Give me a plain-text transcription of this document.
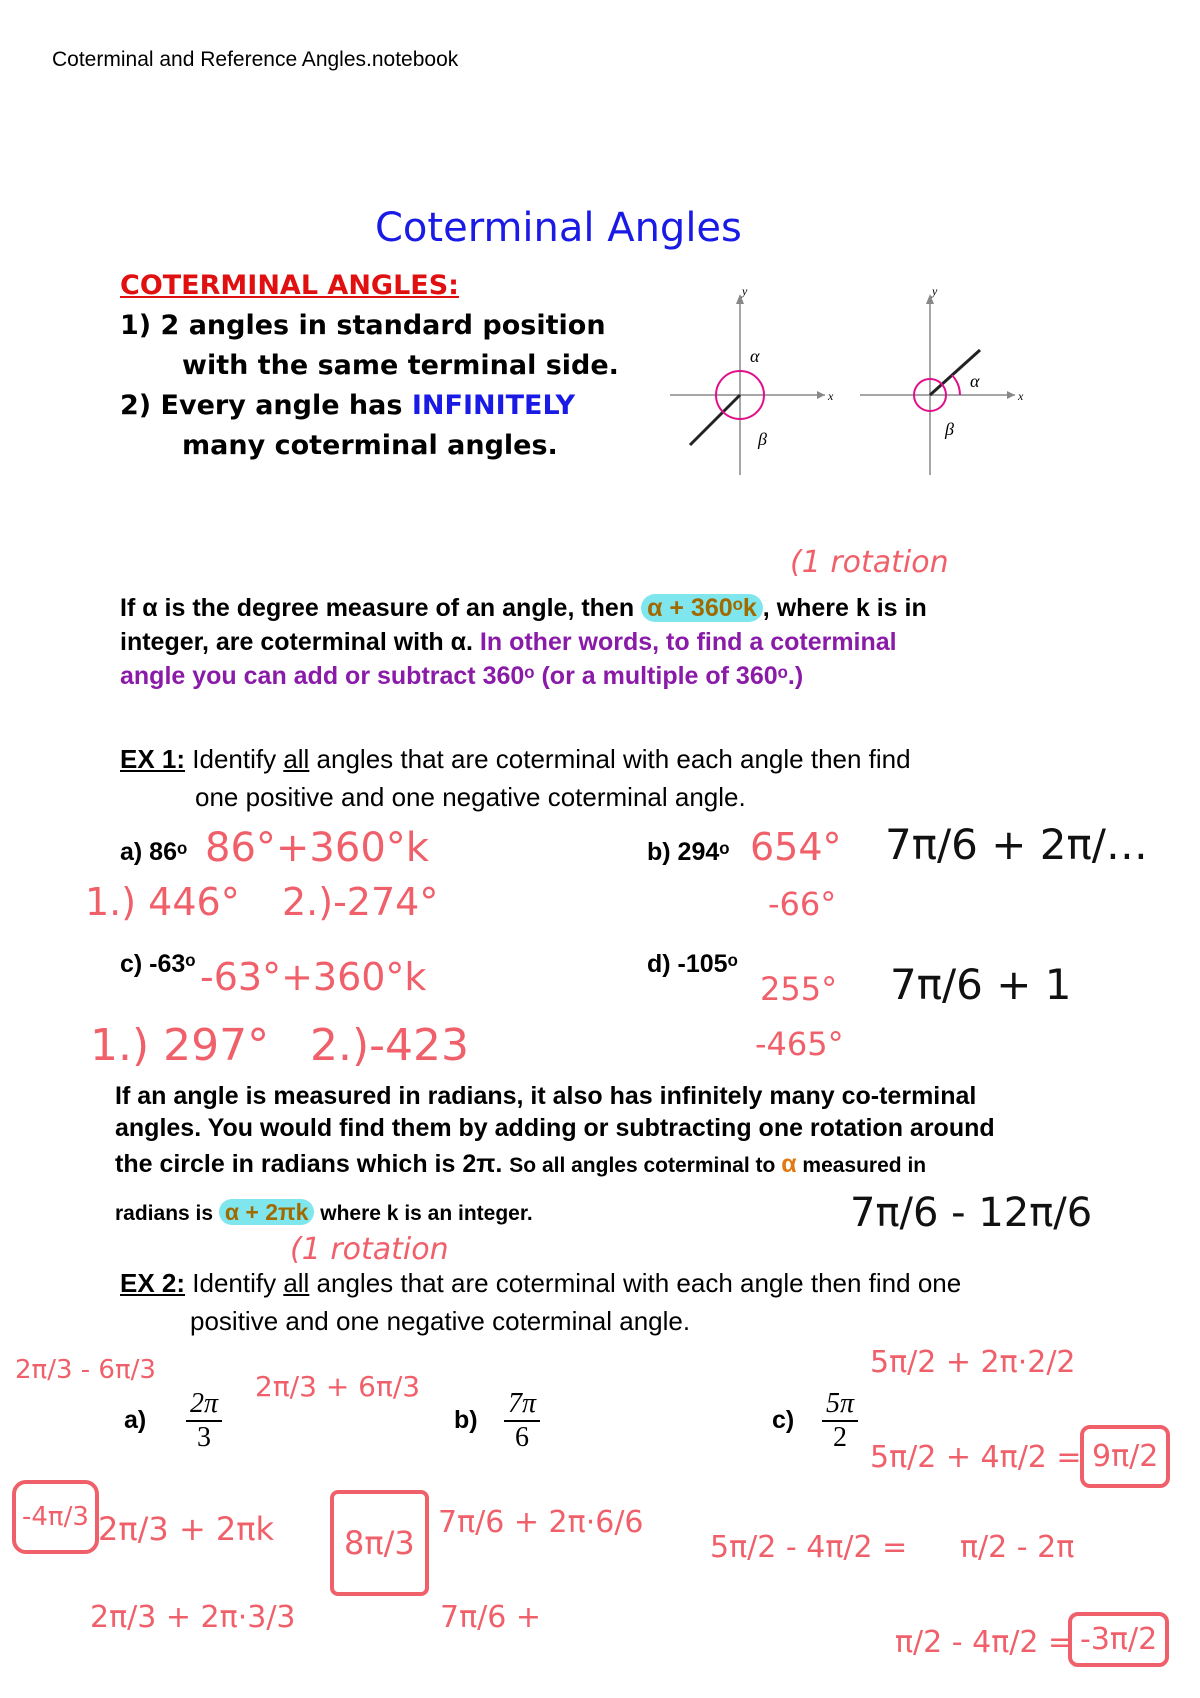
Coterminal and Reference Angles.notebook
Coterminal Angles
COTERMINAL ANGLES:
1) 2 angles in standard position
with the same terminal side.
2) Every angle has INFINITELY
many coterminal angles.
y
x
α
β
y
x
α
β
If α is the degree measure of an angle, then α + 360ᵒk , where k is in
integer, are coterminal with α. In other words, to find a coterminal
angle you can add or subtract 360ᵒ (or a multiple of 360ᵒ.)
EX 1: Identify all angles that are coterminal with each angle then find
one positive and one negative coterminal angle.
a) 86ᵒ	b) 294ᵒ
c) -63ᵒ	d) -105ᵒ
If an angle is measured in radians, it also has infinitely many co-terminal
angles. You would find them by adding or subtracting one rotation around
the circle in radians which is 2π. So all angles coterminal to α measured in
radians is α + 2πk where k is an integer.
EX 2: Identify all angles that are coterminal with each angle then find one
positive and one negative coterminal angle.
$a) \frac{2\pi}{3}$	$b) \frac{7\pi}{6}$	$c) \frac{5\pi}{2}$
(1 rotation
86°+360°k
1.) 446° 2.)-274°
654°
-66°
-63°+360°k
1.) 297° 2.)-423
255°
-465°
7π/6 + 2π/…
7π/6 + 1
7π/6 - 12π/6
(1 rotation
2π/3 - 6π/3	2π/3 + 6π/3
-4π/3 2π/3 + 2πk	8π/3
2π/3 + 2π·3/3
7π/6 + 2π·6/6
7π/6 +
5π/2 + 2π·2/2
5π/2 + 4π/2 = 9π/2
5π/2 - 4π/2 = π/2 - 2π
π/2 - 4π/2 = -3π/2
